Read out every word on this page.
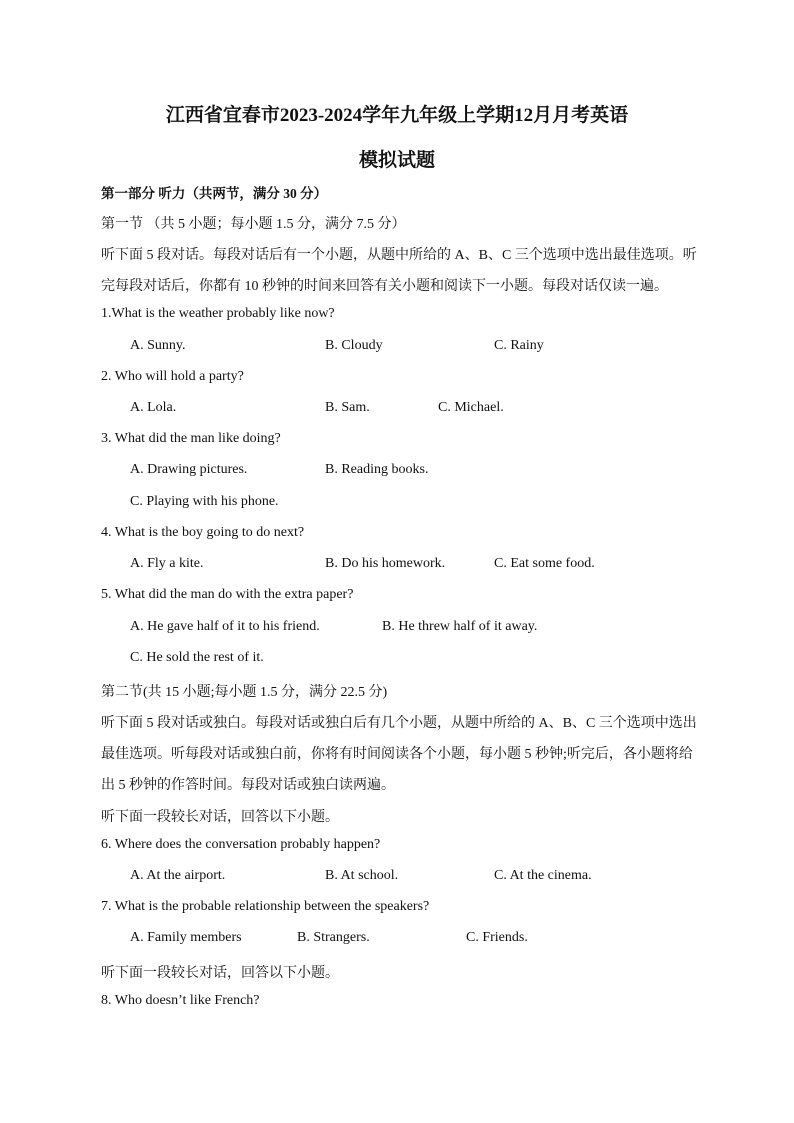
江西省宜春市2023-2024学年九年级上学期12月月考英语
模拟试题
第一部分 听力（共两节，满分 30 分）
第一节 （共 5 小题；每小题 1.5 分，满分 7.5 分）
听下面 5 段对话。每段对话后有一个小题，从题中所给的 A、B、C 三个选项中选出最佳选项。听
完每段对话后，你都有 10 秒钟的时间来回答有关小题和阅读下一小题。每段对话仅读一遍。
1.What is the weather probably like now?
A. Sunny.	B. Cloudy	C. Rainy
2. Who will hold a party?
A. Lola.	B. Sam.	C. Michael.
3. What did the man like doing?
A. Drawing pictures.	B. Reading books.
C. Playing with his phone.
4. What is the boy going to do next?
A. Fly a kite.	B. Do his homework.	C. Eat some food.
5. What did the man do with the extra paper?
A. He gave half of it to his friend.	B. He threw half of it away.
C. He sold the rest of it.
第二节(共 15 小题;每小题 1.5 分，满分 22.5 分)
听下面 5 段对话或独白。每段对话或独白后有几个小题，从题中所给的 A、B、C 三个选项中选出
最佳选项。听每段对话或独白前，你将有时间阅读各个小题，每小题 5 秒钟;听完后，各小题将给
出 5 秒钟的作答时间。每段对话或独白读两遍。
听下面一段较长对话，回答以下小题。
6. Where does the conversation probably happen?
A. At the airport.	B. At school.	C. At the cinema.
7. What is the probable relationship between the speakers?
A. Family members	B. Strangers.	C. Friends.
听下面一段较长对话，回答以下小题。
8. Who doesn’t like French?
